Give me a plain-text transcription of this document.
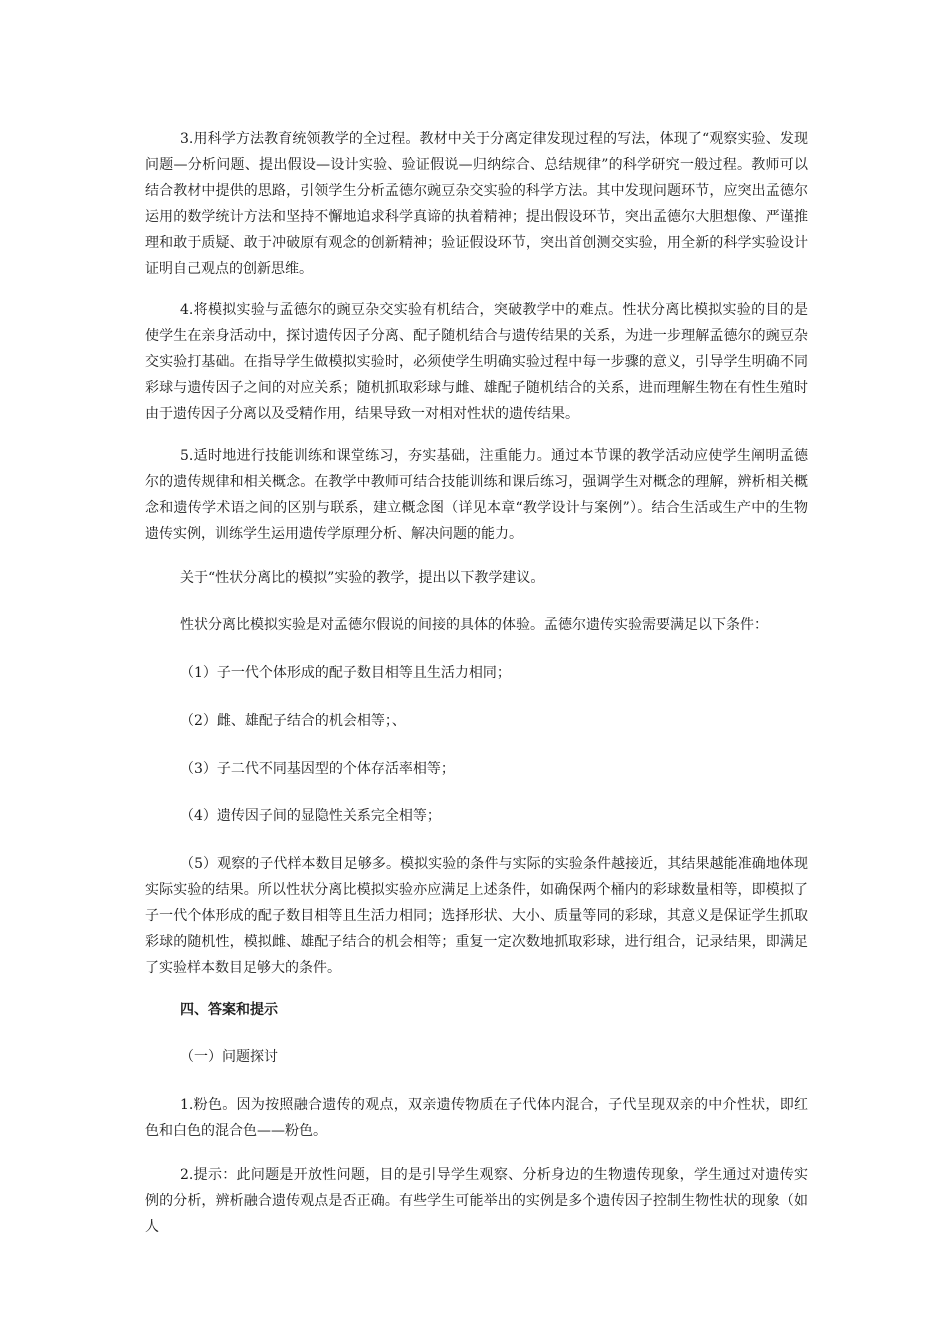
3.用科学方法教育统领教学的全过程。教材中关于分离定律发现过程的写法，体现了“观察实验、发现问题—分析问题、提出假设—设计实验、验证假说—归纳综合、总结规律”的科学研究一般过程。教师可以结合教材中提供的思路，引领学生分析孟德尔豌豆杂交实验的科学方法。其中发现问题环节，应突出孟德尔运用的数学统计方法和坚持不懈地追求科学真谛的执着精神；提出假设环节，突出孟德尔大胆想像、严谨推理和敢于质疑、敢于冲破原有观念的创新精神；验证假设环节，突出首创测交实验，用全新的科学实验设计证明自己观点的创新思维。

4.将模拟实验与孟德尔的豌豆杂交实验有机结合，突破教学中的难点。性状分离比模拟实验的目的是使学生在亲身活动中，探讨遗传因子分离、配子随机结合与遗传结果的关系，为进一步理解孟德尔的豌豆杂交实验打基础。在指导学生做模拟实验时，必须使学生明确实验过程中每一步骤的意义，引导学生明确不同彩球与遗传因子之间的对应关系；随机抓取彩球与雌、雄配子随机结合的关系，进而理解生物在有性生殖时由于遗传因子分离以及受精作用，结果导致一对相对性状的遗传结果。

5.适时地进行技能训练和课堂练习，夯实基础，注重能力。通过本节课的教学活动应使学生阐明孟德尔的遗传规律和相关概念。在教学中教师可结合技能训练和课后练习，强调学生对概念的理解，辨析相关概念和遗传学术语之间的区别与联系，建立概念图（详见本章“教学设计与案例”）。结合生活或生产中的生物遗传实例，训练学生运用遗传学原理分析、解决问题的能力。

关于“性状分离比的模拟”实验的教学，提出以下教学建议。

性状分离比模拟实验是对孟德尔假说的间接的具体的体验。孟德尔遗传实验需要满足以下条件：

（1）子一代个体形成的配子数目相等且生活力相同；

（2）雌、雄配子结合的机会相等；、

（3）子二代不同基因型的个体存活率相等；

（4）遗传因子间的显隐性关系完全相等；

（5）观察的子代样本数目足够多。模拟实验的条件与实际的实验条件越接近，其结果越能准确地体现实际实验的结果。所以性状分离比模拟实验亦应满足上述条件，如确保两个桶内的彩球数量相等，即模拟了子一代个体形成的配子数目相等且生活力相同；选择形状、大小、质量等同的彩球，其意义是保证学生抓取彩球的随机性，模拟雌、雄配子结合的机会相等；重复一定次数地抓取彩球，进行组合，记录结果，即满足了实验样本数目足够大的条件。

四、答案和提示

（一）问题探讨

1.粉色。因为按照融合遗传的观点，双亲遗传物质在子代体内混合，子代呈现双亲的中介性状，即红色和白色的混合色——粉色。

2.提示：此问题是开放性问题，目的是引导学生观察、分析身边的生物遗传现象，学生通过对遗传实例的分析，辨析融合遗传观点是否正确。有些学生可能举出的实例是多个遗传因子控制生物性状的现象（如人
